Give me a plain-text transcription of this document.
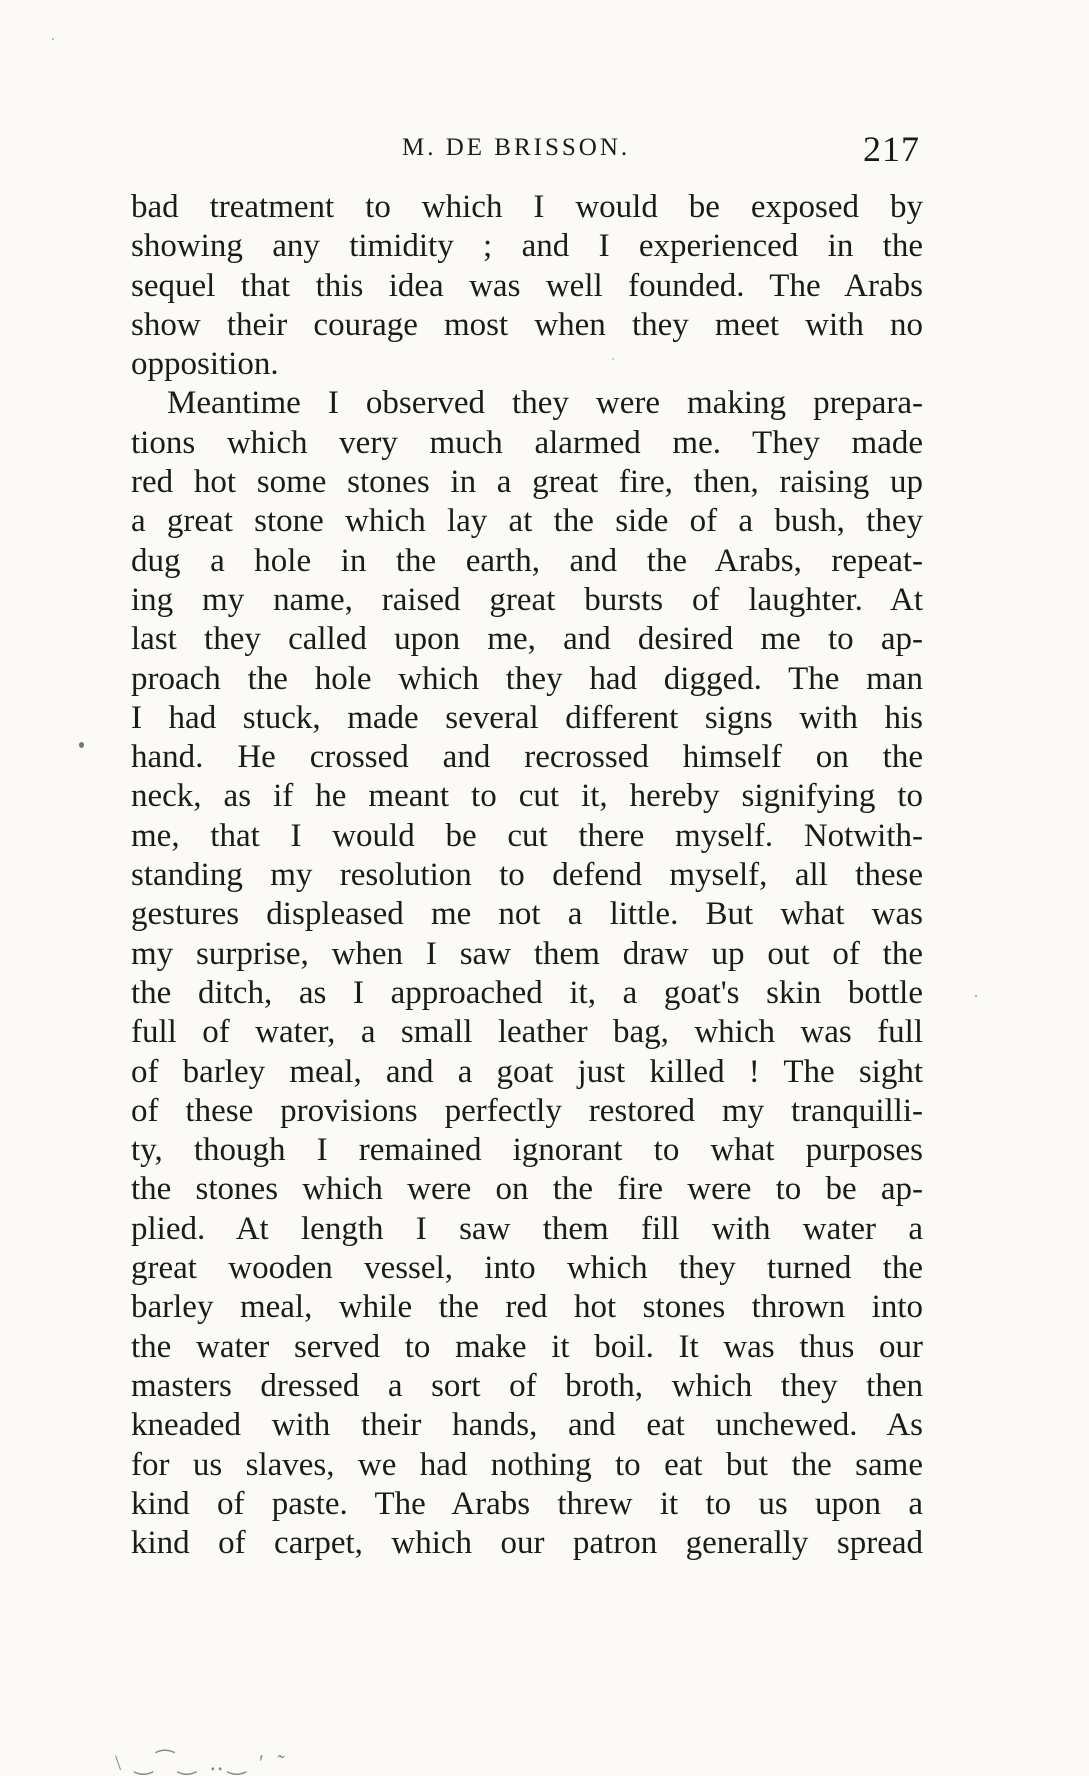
M. DE BRISSON.	217
bad treatment to which I would be exposed by
showing any timidity ; and I experienced in the
sequel that this idea was well founded. The Arabs
show their courage most when they meet with no
opposition.
Meantime I observed they were making prepara-
tions which very much alarmed me. They made
red hot some stones in a great fire, then, raising up
a great stone which lay at the side of a bush, they
dug a hole in the earth, and the Arabs, repeat-
ing my name, raised great bursts of laughter. At
last they called upon me, and desired me to ap-
proach the hole which they had digged. The man
I had stuck, made several different signs with his
hand. He crossed and recrossed himself on the
neck, as if he meant to cut it, hereby signifying to
me, that I would be cut there myself. Notwith-
standing my resolution to defend myself, all these
gestures displeased me not a little. But what was
my surprise, when I saw them draw up out of the
the ditch, as I approached it, a goat's skin bottle
full of water, a small leather bag, which was full
of barley meal, and a goat just killed ! The sight
of these provisions perfectly restored my tranquilli-
ty, though I remained ignorant to what purposes
the stones which were on the fire were to be ap-
plied. At length I saw them fill with water a
great wooden vessel, into which they turned the
barley meal, while the red hot stones thrown into
the water served to make it boil. It was thus our
masters dressed a sort of broth, which they then
kneaded with their hands, and eat unchewed. As
for us slaves, we had nothing to eat but the same
kind of paste. The Arabs threw it to us upon a
kind of carpet, which our patron generally spread
\ ‿⁀‿ ‥‿ ′ ˜
